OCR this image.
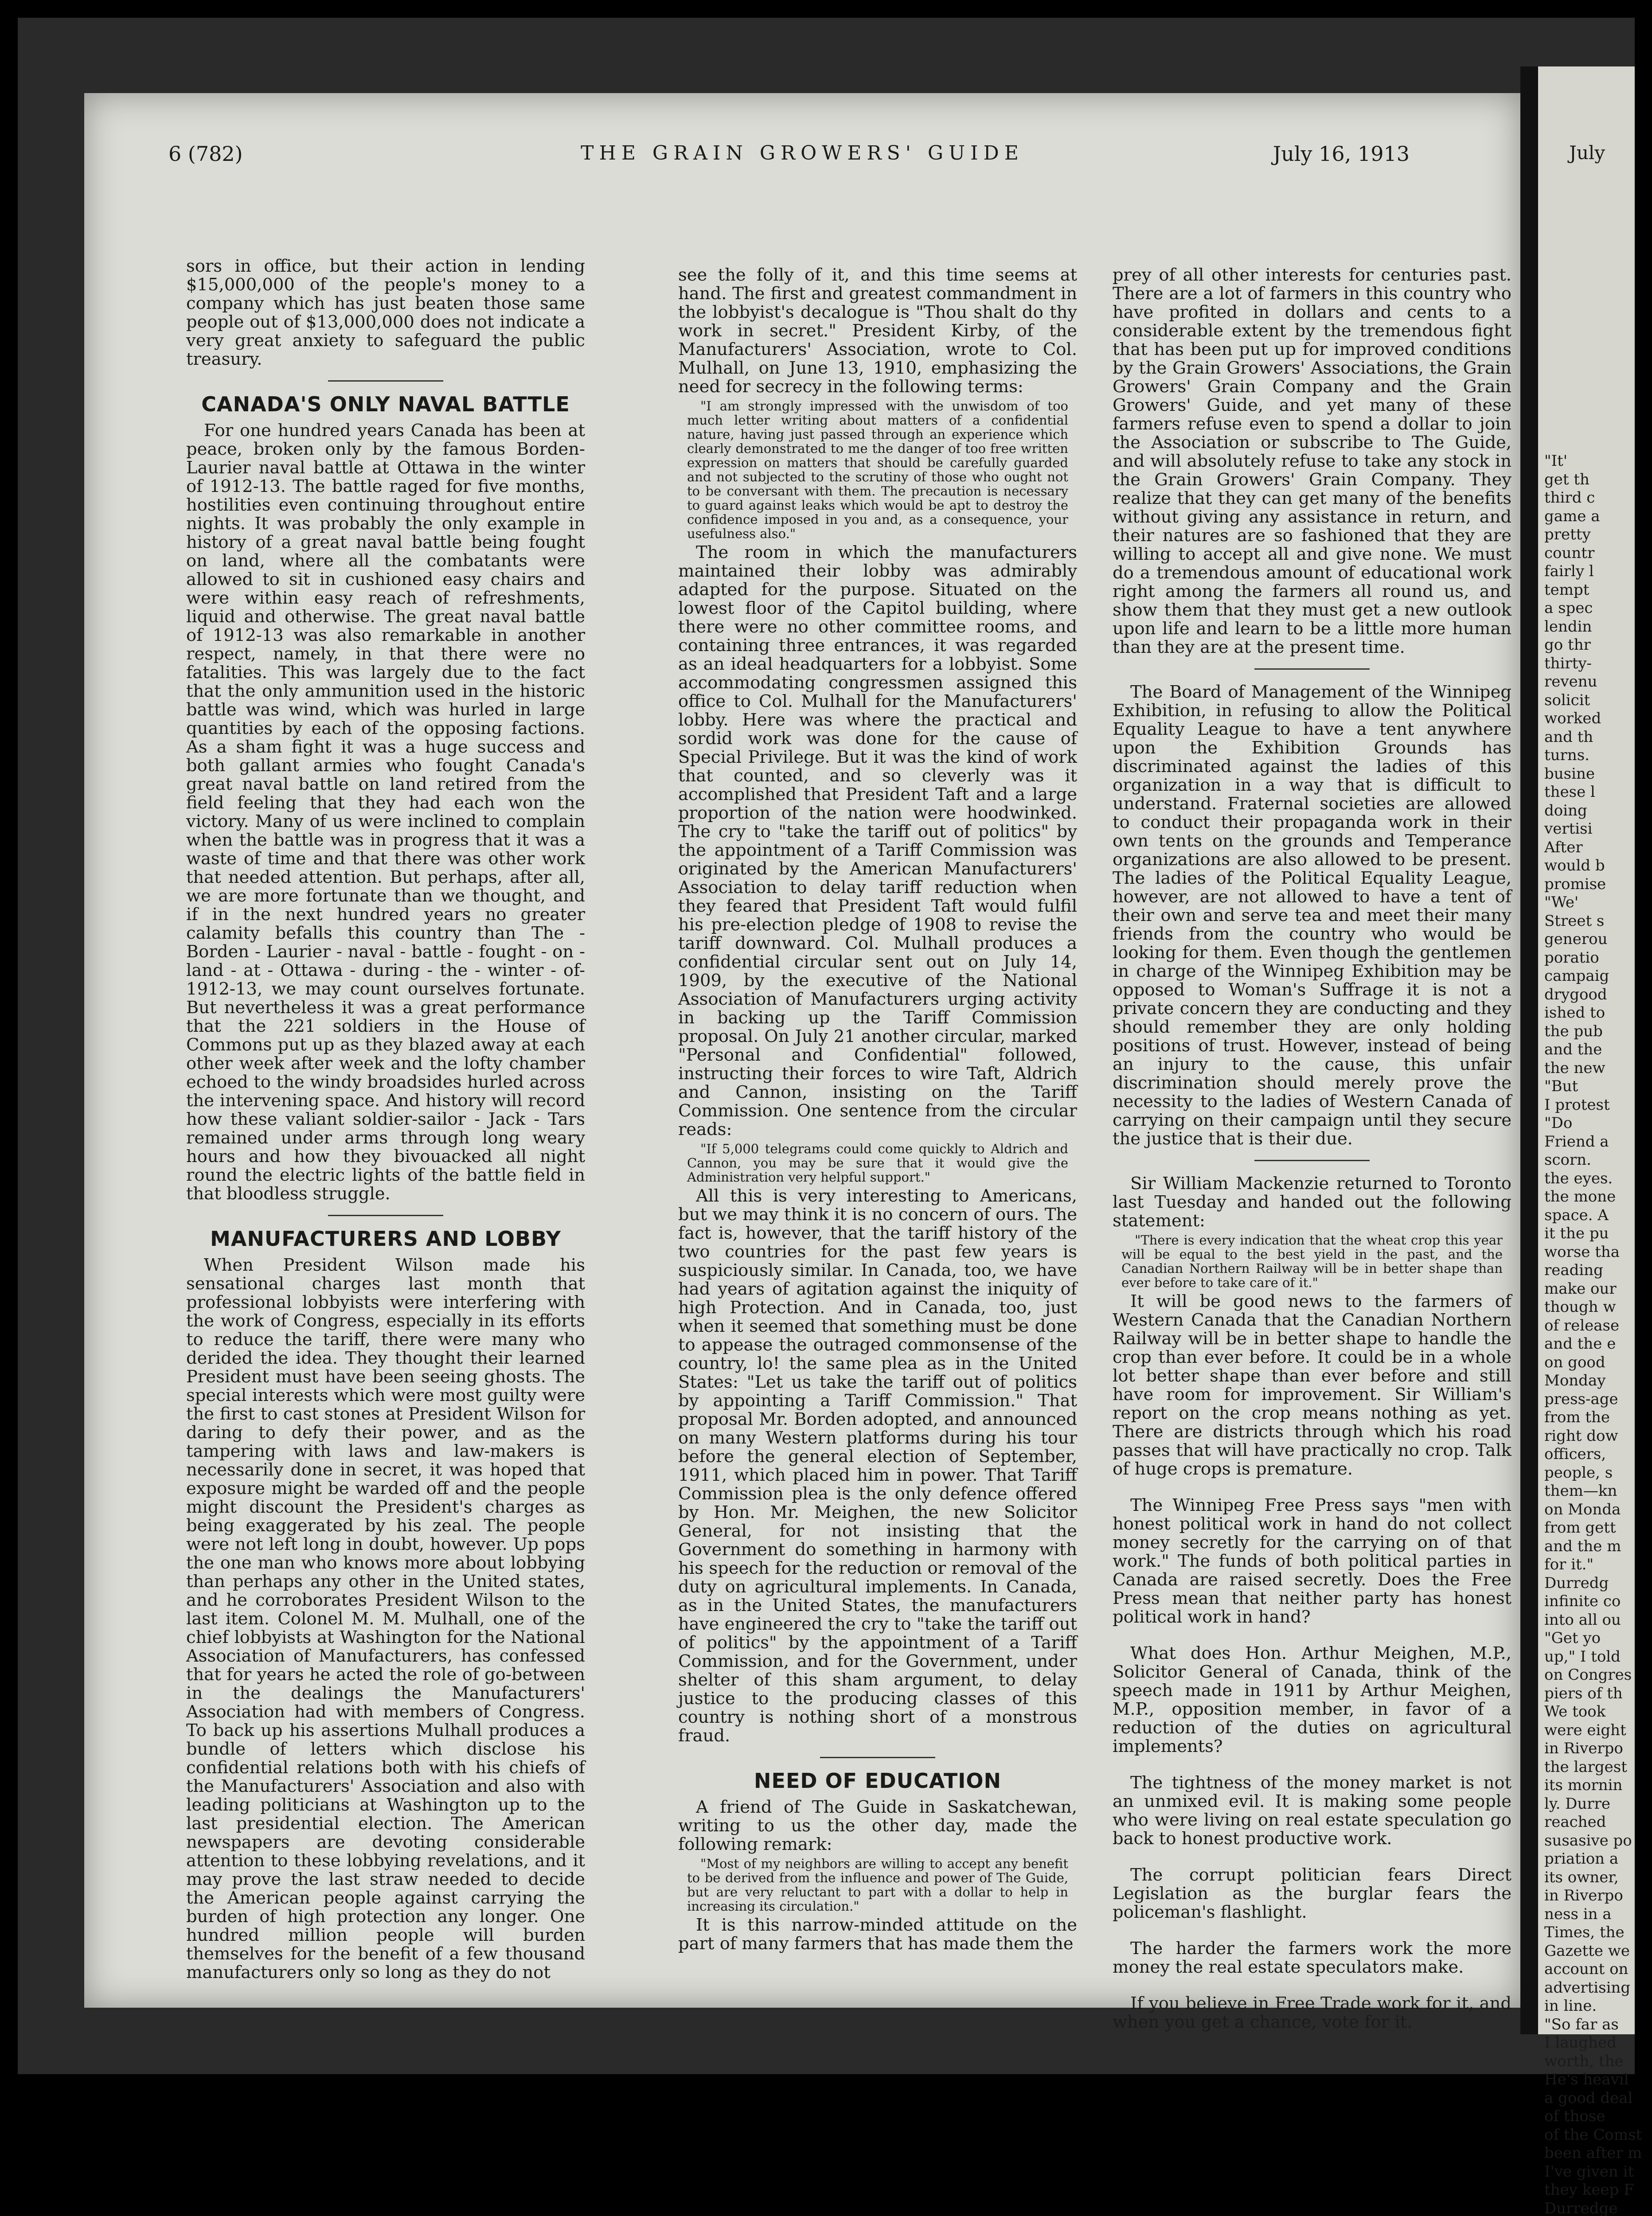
July
"It'
get th
third c
game a
pretty
countr
fairly l
tempt
a spec
lendin
go thr
thirty-
revenu
solicit
worked
and th
turns.
busine
these l
doing
vertisi
After
would b
promise
"We'
Street s
generou
poratio
campaig
drygood
ished to
the pub
and the
the new
"But
I protest
"Do
Friend a
scorn.
the eyes.
the mone
space. A
it the pu
worse tha
reading
make our
though w
of release
and the e
on good
Monday
press-age
from the
right dow
officers,
people, s
them—kn
on Monda
from gett
and the m
for it."
Durredg
infinite co
into all ou
"Get yo
up," I told
on Congres
piers of th
We took
were eight
in Riverpo
the largest
its mornin
ly. Durre
reached
susasive po
priation a
its owner,
in Riverpo
ness in a
Times, the
Gazette we
account on
advertising
in line.
"So far as
I laughed
worth, the
He's heavil
a good deal
of those
of the Comst
been after m
I've given it
they keep F
Durredge
6 (782)	THE GRAIN GROWERS' GUIDE	July 16, 1913

sors in office, but their action in lending $15,000,000 of the people's money to a company which has just beaten those same people out of $13,000,000 does not indicate a very great anxiety to safeguard the public treasury.

CANADA'S ONLY NAVAL BATTLE

For one hundred years Canada has been at peace, broken only by the famous Borden-Laurier naval battle at Ottawa in the winter of 1912-13. The battle raged for five months, hostilities even continuing throughout entire nights. It was probably the only example in history of a great naval battle being fought on land, where all the combatants were allowed to sit in cushioned easy chairs and were within easy reach of refreshments, liquid and otherwise. The great naval battle of 1912-13 was also remarkable in another respect, namely, in that there were no fatalities. This was largely due to the fact that the only ammunition used in the historic battle was wind, which was hurled in large quantities by each of the opposing factions. As a sham fight it was a huge success and both gallant armies who fought Canada's great naval battle on land retired from the field feeling that they had each won the victory. Many of us were inclined to complain when the battle was in progress that it was a waste of time and that there was other work that needed attention. But perhaps, after all, we are more fortunate than we thought, and if in the next hundred years no greater calamity befalls this country than The - Borden - Laurier - naval - battle - fought - on - land - at - Ottawa - during - the - winter - of-1912-13, we may count ourselves fortunate. But nevertheless it was a great performance that the 221 soldiers in the House of Commons put up as they blazed away at each other week after week and the lofty chamber echoed to the windy broadsides hurled across the intervening space. And history will record how these valiant soldier-sailor - Jack - Tars remained under arms through long weary hours and how they bivouacked all night round the electric lights of the battle field in that bloodless struggle.

MANUFACTURERS AND LOBBY

When President Wilson made his sensational charges last month that professional lobbyists were interfering with the work of Congress, especially in its efforts to reduce the tariff, there were many who derided the idea. They thought their learned President must have been seeing ghosts. The special interests which were most guilty were the first to cast stones at President Wilson for daring to defy their power, and as the tampering with laws and law-makers is necessarily done in secret, it was hoped that exposure might be warded off and the people might discount the President's charges as being exaggerated by his zeal. The people were not left long in doubt, however. Up pops the one man who knows more about lobbying than perhaps any other in the United states, and he corroborates President Wilson to the last item. Colonel M. M. Mulhall, one of the chief lobbyists at Washington for the National Association of Manufacturers, has confessed that for years he acted the role of go-between in the dealings the Manufacturers' Association had with members of Congress. To back up his assertions Mulhall produces a bundle of letters which disclose his confidential relations both with his chiefs of the Manufacturers' Association and also with leading politicians at Washington up to the last presidential election. The American newspapers are devoting considerable attention to these lobbying revelations, and it may prove the last straw needed to decide the American people against carrying the burden of high protection any longer. One hundred million people will burden themselves for the benefit of a few thousand manufacturers only so long as they do not

see the folly of it, and this time seems at hand. The first and greatest commandment in the lobbyist's decalogue is "Thou shalt do thy work in secret." President Kirby, of the Manufacturers' Association, wrote to Col. Mulhall, on June 13, 1910, emphasizing the need for secrecy in the following terms:

"I am strongly impressed with the unwisdom of too much letter writing about matters of a confidential nature, having just passed through an experience which clearly demonstrated to me the danger of too free written expression on matters that should be carefully guarded and not subjected to the scrutiny of those who ought not to be conversant with them. The precaution is necessary to guard against leaks which would be apt to destroy the confidence imposed in you and, as a consequence, your usefulness also."

The room in which the manufacturers maintained their lobby was admirably adapted for the purpose. Situated on the lowest floor of the Capitol building, where there were no other committee rooms, and containing three entrances, it was regarded as an ideal headquarters for a lobbyist. Some accommodating congressmen assigned this office to Col. Mulhall for the Manufacturers' lobby. Here was where the practical and sordid work was done for the cause of Special Privilege. But it was the kind of work that counted, and so cleverly was it accomplished that President Taft and a large proportion of the nation were hoodwinked. The cry to "take the tariff out of politics" by the appointment of a Tariff Commission was originated by the American Manufacturers' Association to delay tariff reduction when they feared that President Taft would fulfil his pre-election pledge of 1908 to revise the tariff downward. Col. Mulhall produces a confidential circular sent out on July 14, 1909, by the executive of the National Association of Manufacturers urging activity in backing up the Tariff Commission proposal. On July 21 another circular, marked "Personal and Confidential" followed, instructing their forces to wire Taft, Aldrich and Cannon, insisting on the Tariff Commission. One sentence from the circular reads:

"If 5,000 telegrams could come quickly to Aldrich and Cannon, you may be sure that it would give the Administration very helpful support."

All this is very interesting to Americans, but we may think it is no concern of ours. The fact is, however, that the tariff history of the two countries for the past few years is suspiciously similar. In Canada, too, we have had years of agitation against the iniquity of high Protection. And in Canada, too, just when it seemed that something must be done to appease the outraged commonsense of the country, lo! the same plea as in the United States: "Let us take the tariff out of politics by appointing a Tariff Commission." That proposal Mr. Borden adopted, and announced on many Western platforms during his tour before the general election of September, 1911, which placed him in power. That Tariff Commission plea is the only defence offered by Hon. Mr. Meighen, the new Solicitor General, for not insisting that the Government do something in harmony with his speech for the reduction or removal of the duty on agricultural implements. In Canada, as in the United States, the manufacturers have engineered the cry to "take the tariff out of politics" by the appointment of a Tariff Commission, and for the Government, under shelter of this sham argument, to delay justice to the producing classes of this country is nothing short of a monstrous fraud.

NEED OF EDUCATION

A friend of The Guide in Saskatchewan, writing to us the other day, made the following remark:

"Most of my neighbors are willing to accept any benefit to be derived from the influence and power of The Guide, but are very reluctant to part with a dollar to help in increasing its circulation."

It is this narrow-minded attitude on the part of many farmers that has made them the

prey of all other interests for centuries past. There are a lot of farmers in this country who have profited in dollars and cents to a considerable extent by the tremendous fight that has been put up for improved conditions by the Grain Growers' Associations, the Grain Growers' Grain Company and the Grain Growers' Guide, and yet many of these farmers refuse even to spend a dollar to join the Association or subscribe to The Guide, and will absolutely refuse to take any stock in the Grain Growers' Grain Company. They realize that they can get many of the benefits without giving any assistance in return, and their natures are so fashioned that they are willing to accept all and give none. We must do a tremendous amount of educational work right among the farmers all round us, and show them that they must get a new outlook upon life and learn to be a little more human than they are at the present time.

The Board of Management of the Winnipeg Exhibition, in refusing to allow the Political Equality League to have a tent anywhere upon the Exhibition Grounds has discriminated against the ladies of this organization in a way that is difficult to understand. Fraternal societies are allowed to conduct their propaganda work in their own tents on the grounds and Temperance organizations are also allowed to be present. The ladies of the Political Equality League, however, are not allowed to have a tent of their own and serve tea and meet their many friends from the country who would be looking for them. Even though the gentlemen in charge of the Winnipeg Exhibition may be opposed to Woman's Suffrage it is not a private concern they are conducting and they should remember they are only holding positions of trust. However, instead of being an injury to the cause, this unfair discrimination should merely prove the necessity to the ladies of Western Canada of carrying on their campaign until they secure the justice that is their due.

Sir William Mackenzie returned to Toronto last Tuesday and handed out the following statement:

"There is every indication that the wheat crop this year will be equal to the best yield in the past, and the Canadian Northern Railway will be in better shape than ever before to take care of it."

It will be good news to the farmers of Western Canada that the Canadian Northern Railway will be in better shape to handle the crop than ever before. It could be in a whole lot better shape than ever before and still have room for improvement. Sir William's report on the crop means nothing as yet. There are districts through which his road passes that will have practically no crop. Talk of huge crops is premature.

The Winnipeg Free Press says "men with honest political work in hand do not collect money secretly for the carrying on of that work." The funds of both political parties in Canada are raised secretly. Does the Free Press mean that neither party has honest political work in hand?

What does Hon. Arthur Meighen, M.P., Solicitor General of Canada, think of the speech made in 1911 by Arthur Meighen, M.P., opposition member, in favor of a reduction of the duties on agricultural implements?

The tightness of the money market is not an unmixed evil. It is making some people who were living on real estate speculation go back to honest productive work.

The corrupt politician fears Direct Legislation as the burglar fears the policeman's flashlight.

The harder the farmers work the more money the real estate speculators make.

If you believe in Free Trade work for it, and when you get a chance, vote for it.
